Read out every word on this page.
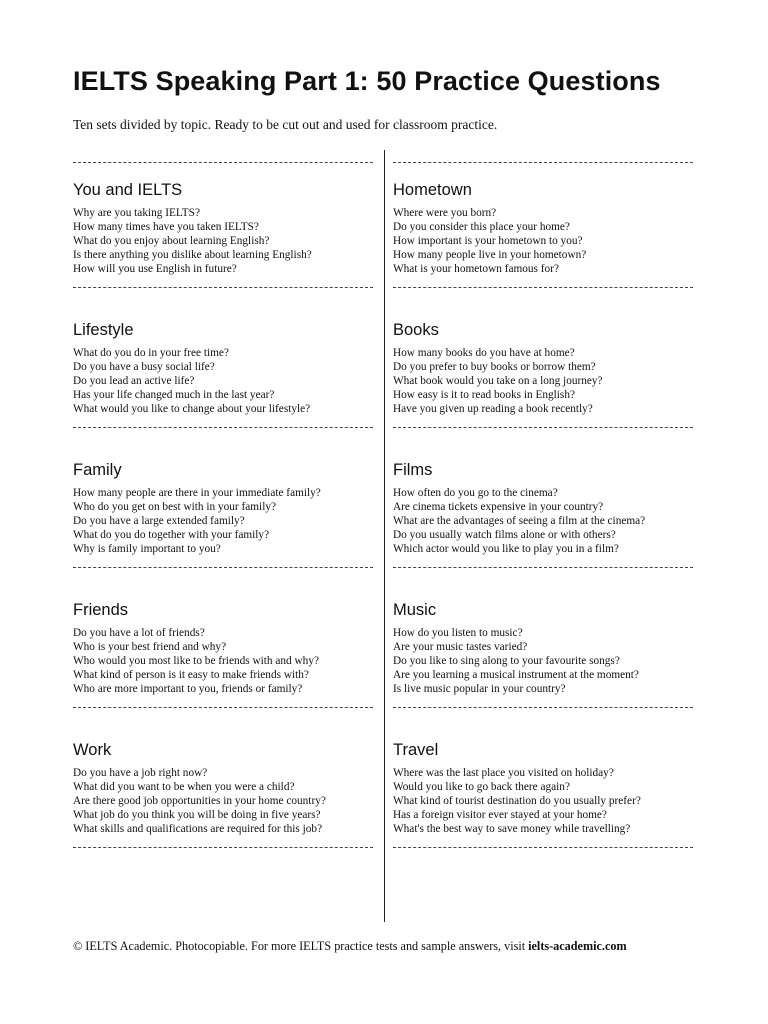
IELTS Speaking Part 1: 50 Practice Questions

Ten sets divided by topic. Ready to be cut out and used for classroom practice.

You and IELTS
Why are you taking IELTS?
How many times have you taken IELTS?
What do you enjoy about learning English?
Is there anything you dislike about learning English?
How will you use English in future?
Lifestyle
What do you do in your free time?
Do you have a busy social life?
Do you lead an active life?
Has your life changed much in the last year?
What would you like to change about your lifestyle?
Family
How many people are there in your immediate family?
Who do you get on best with in your family?
Do you have a large extended family?
What do you do together with your family?
Why is family important to you?
Friends
Do you have a lot of friends?
Who is your best friend and why?
Who would you most like to be friends with and why?
What kind of person is it easy to make friends with?
Who are more important to you, friends or family?
Work
Do you have a job right now?
What did you want to be when you were a child?
Are there good job opportunities in your home country?
What job do you think you will be doing in five years?
What skills and qualifications are required for this job?
Hometown
Where were you born?
Do you consider this place your home?
How important is your hometown to you?
How many people live in your hometown?
What is your hometown famous for?
Books
How many books do you have at home?
Do you prefer to buy books or borrow them?
What book would you take on a long journey?
How easy is it to read books in English?
Have you given up reading a book recently?
Films
How often do you go to the cinema?
Are cinema tickets expensive in your country?
What are the advantages of seeing a film at the cinema?
Do you usually watch films alone or with others?
Which actor would you like to play you in a film?
Music
How do you listen to music?
Are your music tastes varied?
Do you like to sing along to your favourite songs?
Are you learning a musical instrument at the moment?
Is live music popular in your country?
Travel
Where was the last place you visited on holiday?
Would you like to go back there again?
What kind of tourist destination do you usually prefer?
Has a foreign visitor ever stayed at your home?
What's the best way to save money while travelling?

© IELTS Academic. Photocopiable. For more IELTS practice tests and sample answers, visit ielts-academic.com
